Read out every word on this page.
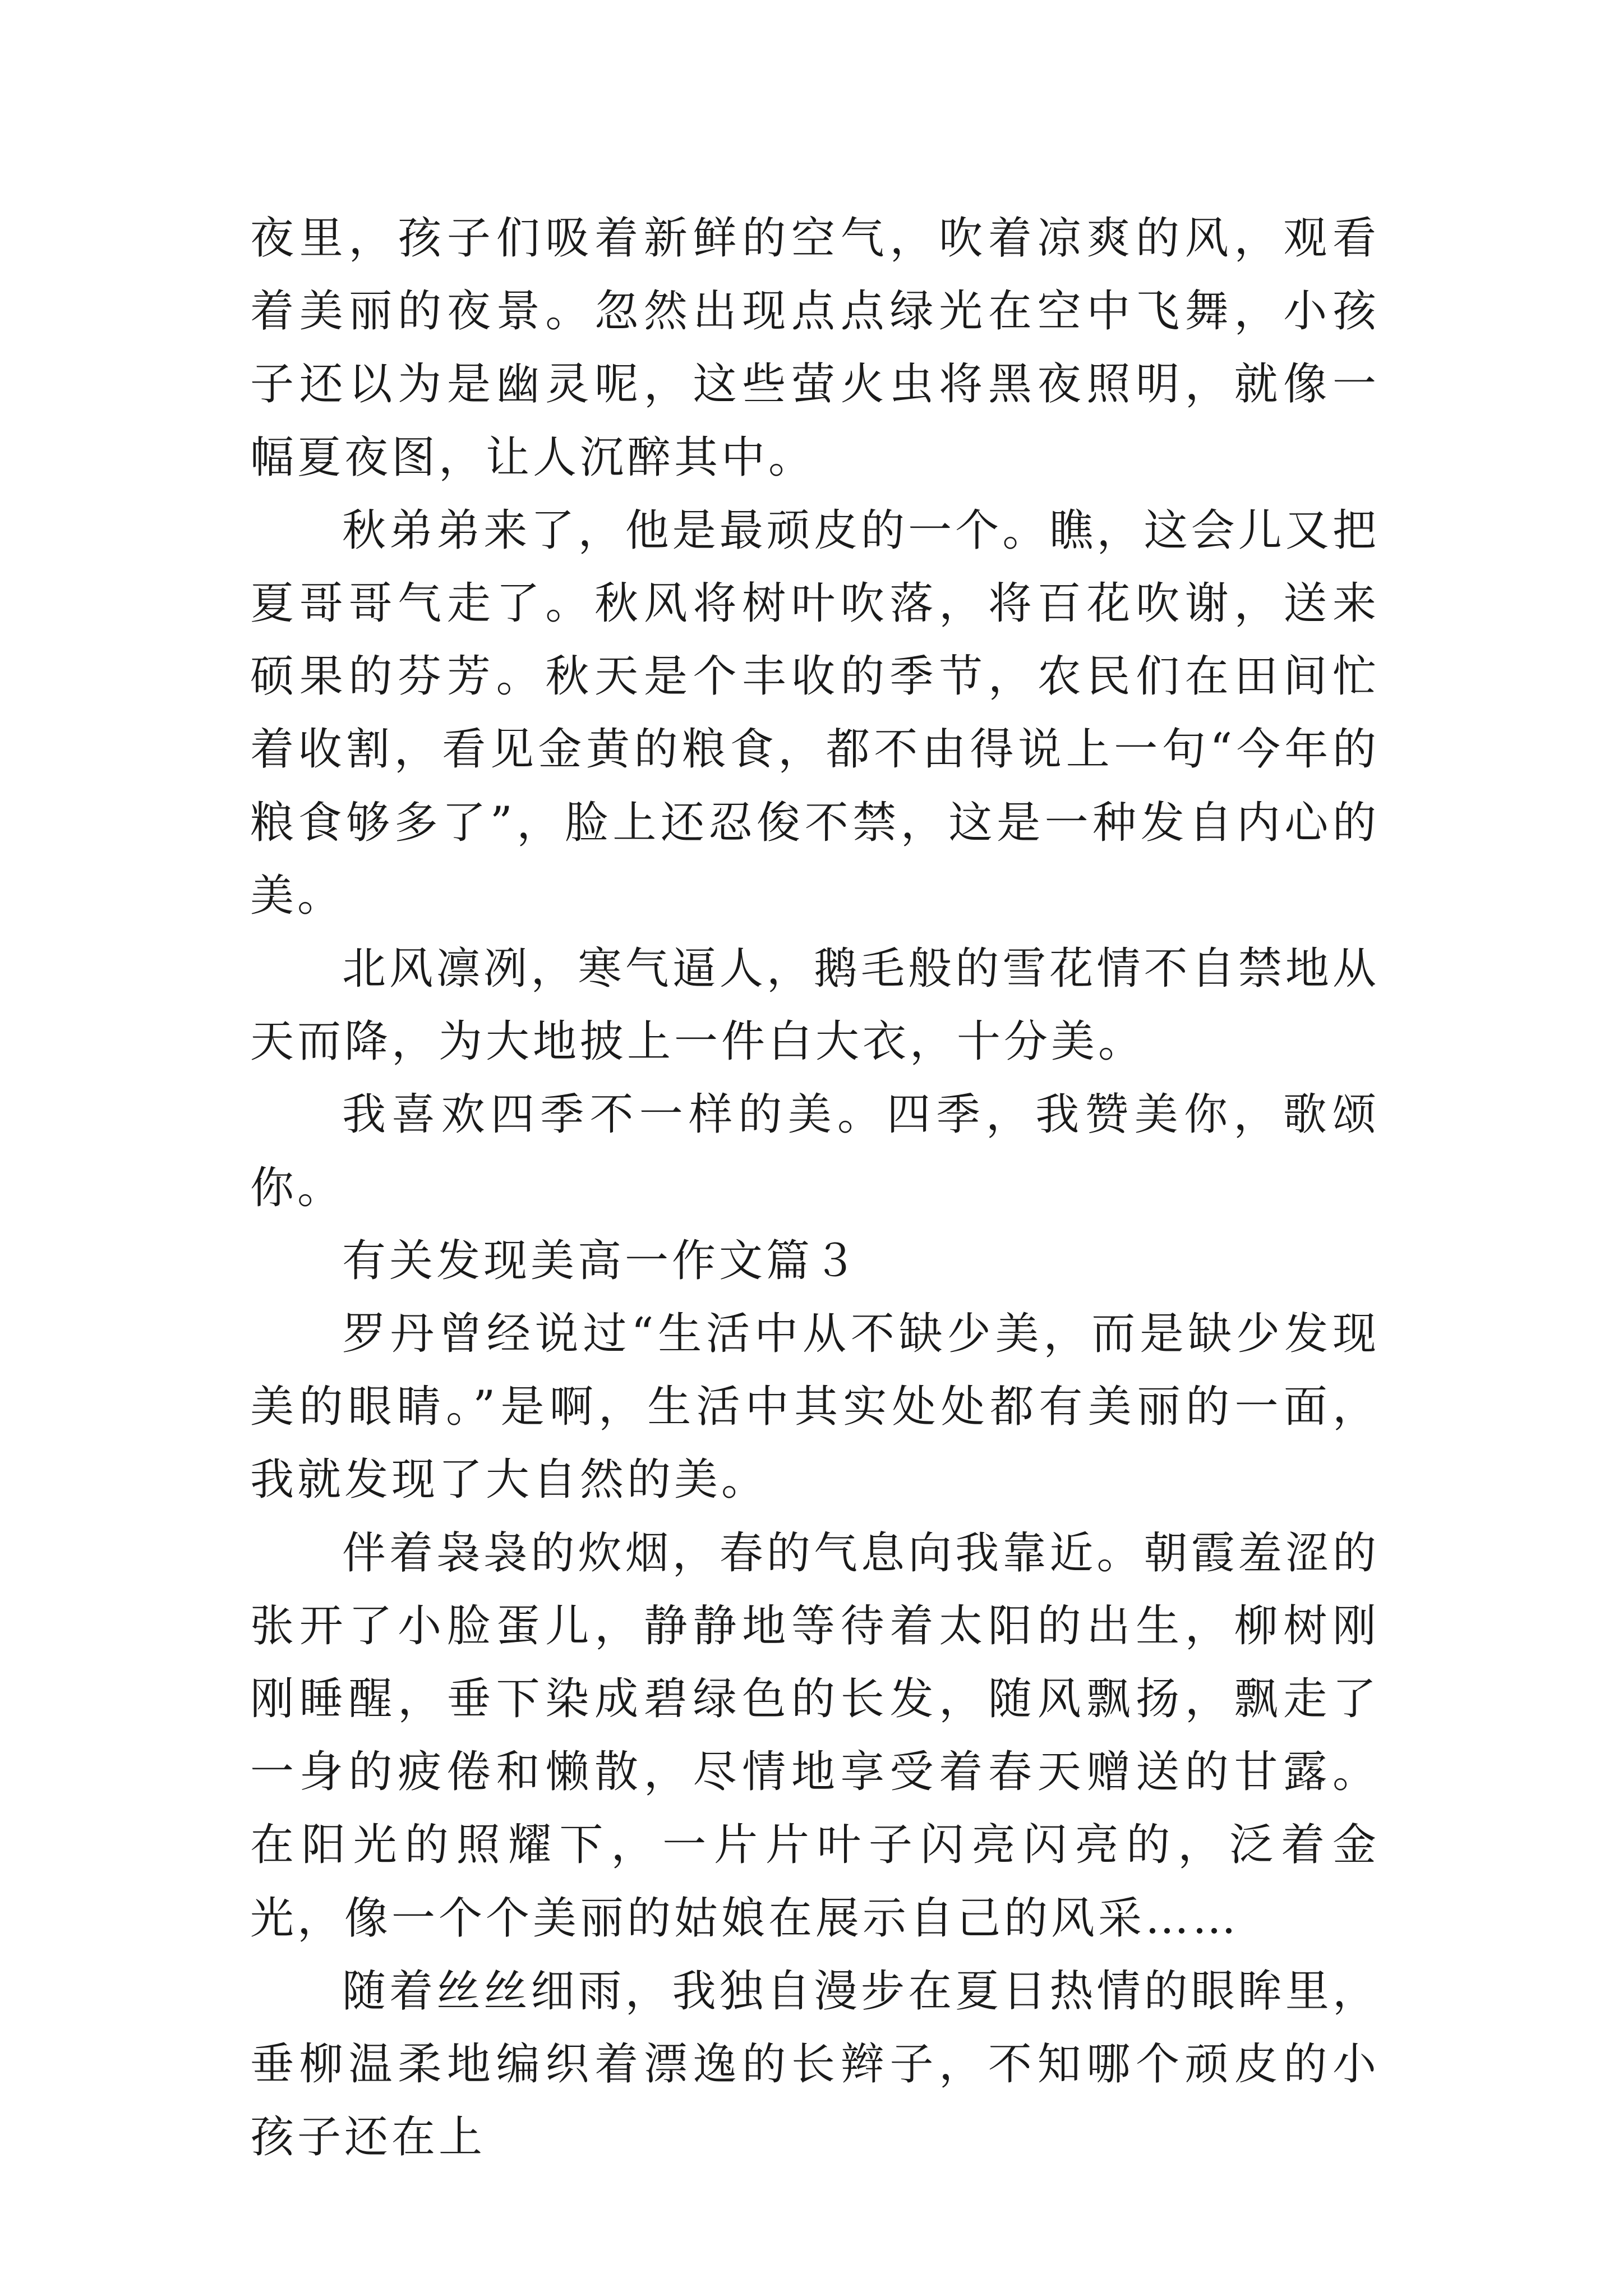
夜里，孩子们吸着新鲜的空气，吹着凉爽的风，观看着美丽的夜景。忽然出现点点绿光在空中飞舞，小孩子还以为是幽灵呢，这些萤火虫将黑夜照明，就像一幅夏夜图，让人沉醉其中。

秋弟弟来了，他是最顽皮的一个。瞧，这会儿又把夏哥哥气走了。秋风将树叶吹落，将百花吹谢，送来硕果的芬芳。秋天是个丰收的季节，农民们在田间忙着收割，看见金黄的粮食，都不由得说上一句“今年的粮食够多了”，脸上还忍俊不禁，这是一种发自内心的美。

北风凛冽，寒气逼人，鹅毛般的雪花情不自禁地从天而降，为大地披上一件白大衣，十分美。

我喜欢四季不一样的美。四季，我赞美你，歌颂你。

有关发现美高一作文篇３

罗丹曾经说过“生活中从不缺少美，而是缺少发现美的眼睛。”是啊，生活中其实处处都有美丽的一面，我就发现了大自然的美。

伴着袅袅的炊烟，春的气息向我靠近。朝霞羞涩的张开了小脸蛋儿，静静地等待着太阳的出生，柳树刚刚睡醒，垂下染成碧绿色的长发，随风飘扬，飘走了一身的疲倦和懒散，尽情地享受着春天赠送的甘露。在阳光的照耀下，一片片叶子闪亮闪亮的，泛着金光，像一个个美丽的姑娘在展示自己的风采……

随着丝丝细雨，我独自漫步在夏日热情的眼眸里，垂柳温柔地编织着漂逸的长辫子，不知哪个顽皮的小孩子还在上
